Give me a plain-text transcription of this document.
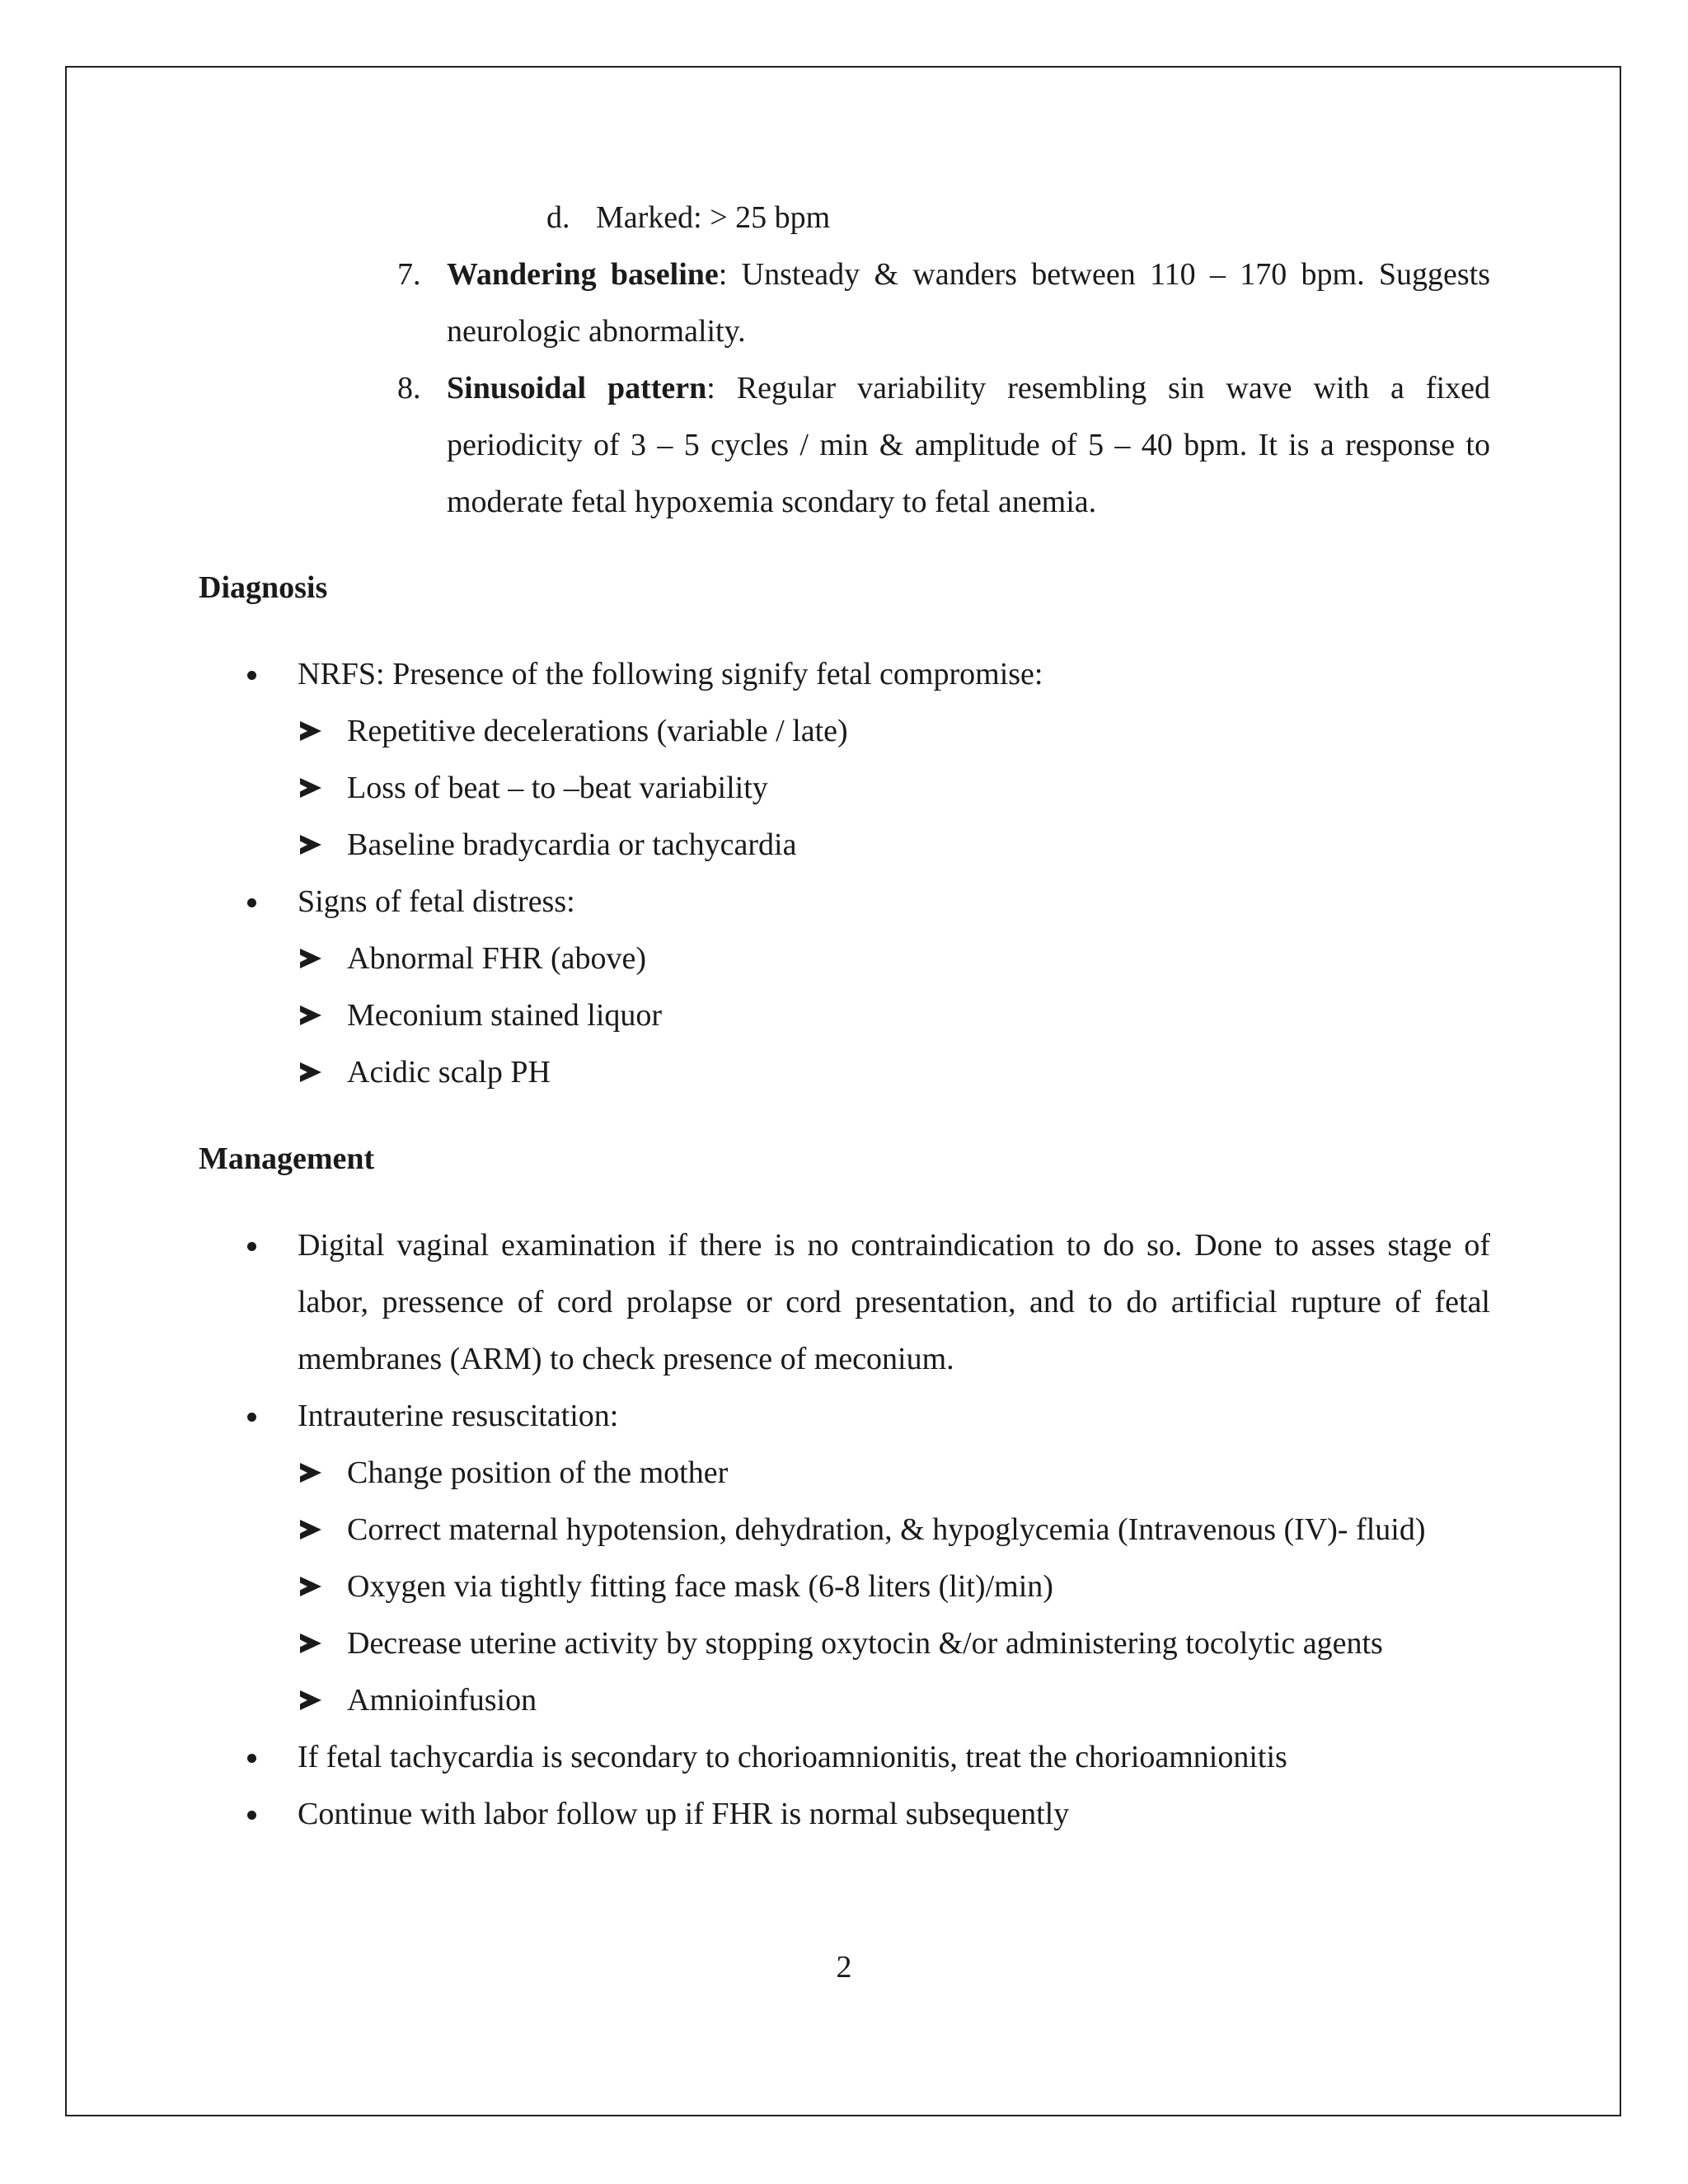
d. Marked: > 25 bpm
7. Wandering baseline: Unsteady & wanders between 110 – 170 bpm. Suggests
neurologic abnormality.
8. Sinusoidal pattern: Regular variability resembling sin wave with a fixed
periodicity of 3 – 5 cycles / min & amplitude of 5 – 40 bpm. It is a response to
moderate fetal hypoxemia scondary to fetal anemia.
Diagnosis
NRFS: Presence of the following signify fetal compromise:
Repetitive decelerations (variable / late)
Loss of beat – to –beat variability
Baseline bradycardia or tachycardia
Signs of fetal distress:
Abnormal FHR (above)
Meconium stained liquor
Acidic scalp PH
Management
Digital vaginal examination if there is no contraindication to do so. Done to asses stage of
labor, pressence of cord prolapse or cord presentation, and to do artificial rupture of fetal
membranes (ARM) to check presence of meconium.
Intrauterine resuscitation:
Change position of the mother
Correct maternal hypotension, dehydration, & hypoglycemia (Intravenous (IV)- fluid)
Oxygen via tightly fitting face mask (6-8 liters (lit)/min)
Decrease uterine activity by stopping oxytocin &/or administering tocolytic agents
Amnioinfusion
If fetal tachycardia is secondary to chorioamnionitis, treat the chorioamnionitis
Continue with labor follow up if FHR is normal subsequently
2
